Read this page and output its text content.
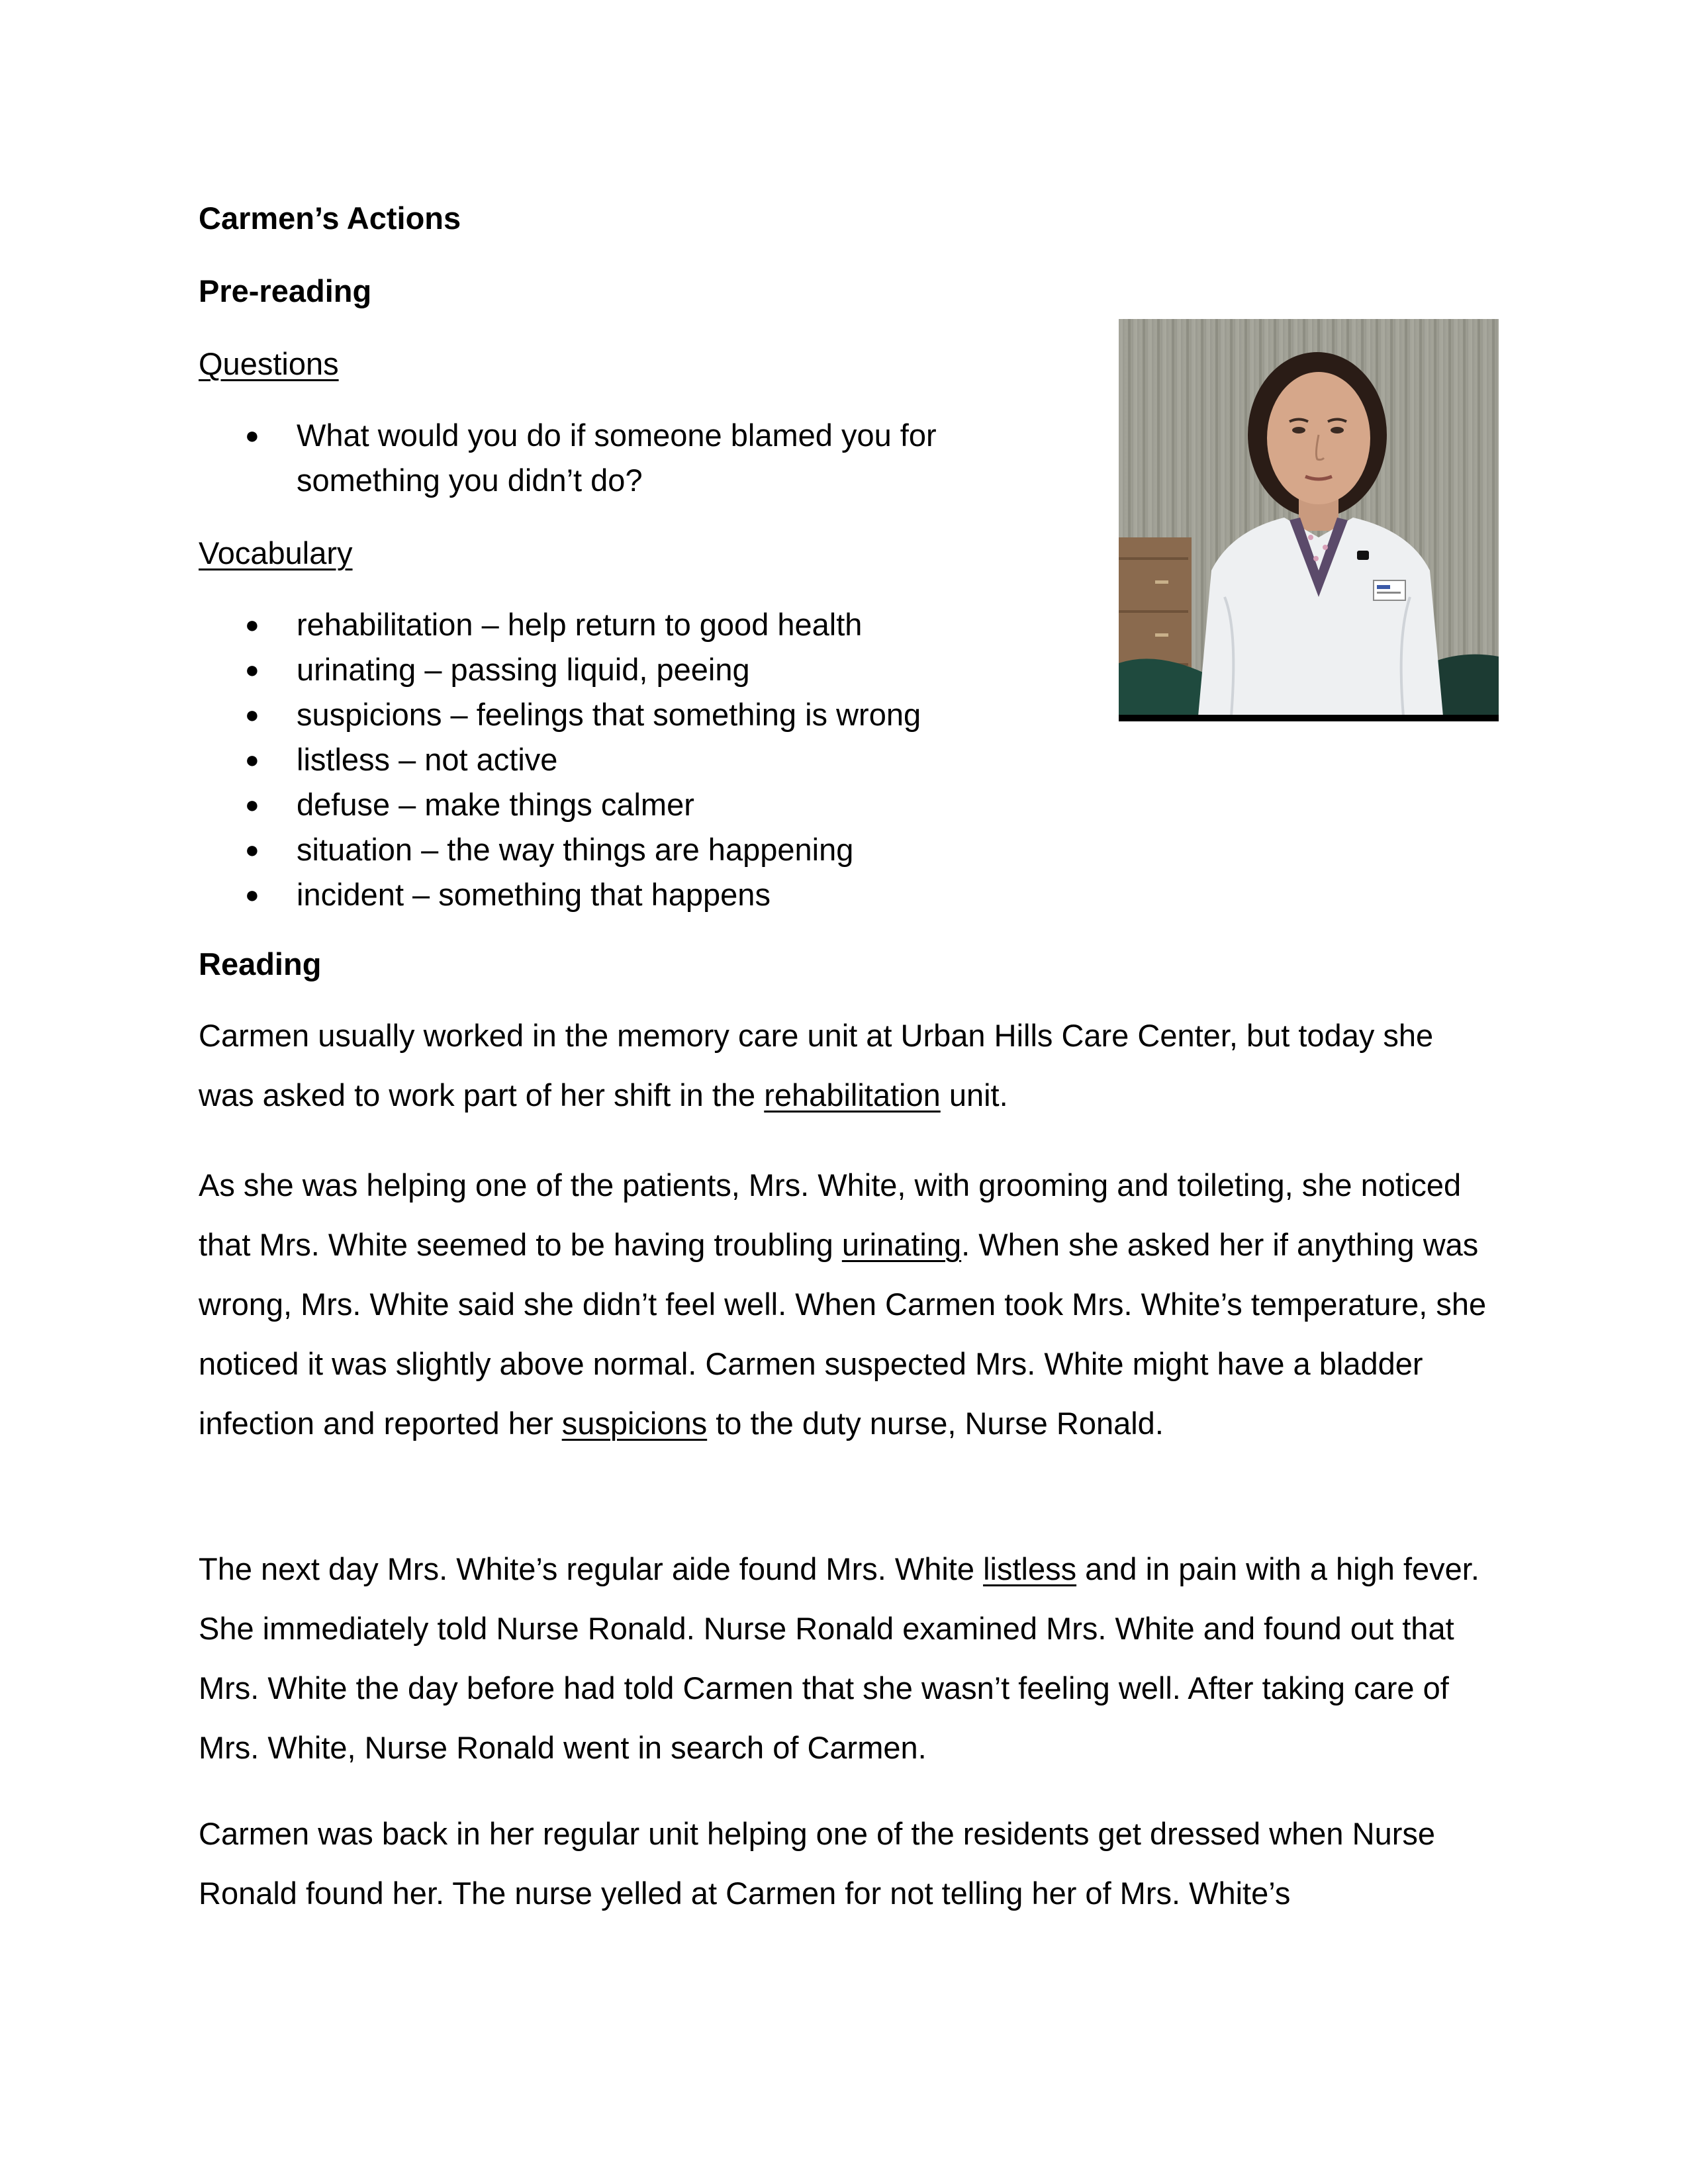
Carmen’s Actions
Pre-reading
Questions
● What would you do if someone blamed you for something you didn’t do?
Vocabulary
● rehabilitation – help return to good health
● urinating – passing liquid, peeing
● suspicions – feelings that something is wrong
● listless – not active
● defuse – make things calmer
● situation – the way things are happening
● incident – something that happens
Reading

Carmen usually worked in the memory care unit at Urban Hills Care Center, but today she was asked to work part of her shift in the rehabilitation unit.

As she was helping one of the patients, Mrs. White, with grooming and toileting, she noticed that Mrs. White seemed to be having troubling urinating. When she asked her if anything was wrong, Mrs. White said she didn’t feel well. When Carmen took Mrs. White’s temperature, she noticed it was slightly above normal. Carmen suspected Mrs. White might have a bladder infection and reported her suspicions to the duty nurse, Nurse Ronald.

The next day Mrs. White’s regular aide found Mrs. White listless and in pain with a high fever. She immediately told Nurse Ronald. Nurse Ronald examined Mrs. White and found out that Mrs. White the day before had told Carmen that she wasn’t feeling well. After taking care of Mrs. White, Nurse Ronald went in search of Carmen.

Carmen was back in her regular unit helping one of the residents get dressed when Nurse Ronald found her. The nurse yelled at Carmen for not telling her of Mrs. White’s
